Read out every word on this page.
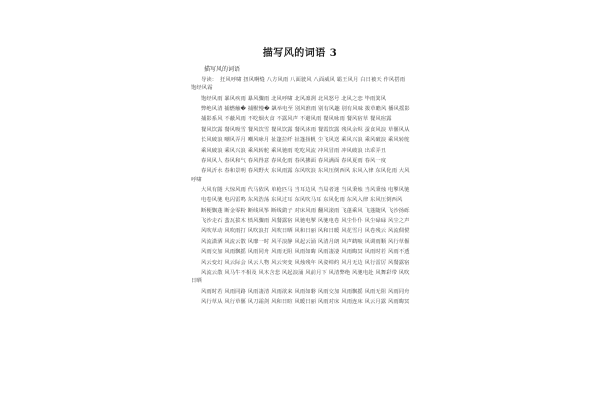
描写风的词语 3
描写风的词语

导读：　狂风呼啸 扭风啊缝 八方风雨 八面驶风 八面威风 霸王风月 白日被天 作风搭雨 饱经风霜

饱经风雨 暴风疾雨 暴风骤雨 北风呼啸 北风凛冽 北风怒号 北风之恋 毕雨箕风

弊绝风清 捕燃触� 捕獸慢� 飙举电至 别风淮雨 别有风趣 别有风味 拨草瞻风 播风摇影

捕影系风 不蔽风雨 不吃烟火食 不露风声 不避风雨 餐风咏雨 餐风宿草 餐风宿露

餐风饮露 餐风吸雪 餐风饮雪 餐风饮露 餐风沐雨 餐霞饮露 残风余烬 蚕食风浪 草偃风从

长风破浪 嘲风弄月 嘲风咏月 扯篷拉纤 扯篷扬帆 尘飞风送 乘风兴浪 乘风破浪 乘风转舵

乘风破浪 乘风兴浪 乘风转舵 乘风驰雨 吃吃风流 冲风冒雨 冲风破浪 出乖弄丑

春风风人 春风和气 春风得意 春风化雨 春风拂面 春风满面 春风夏雨 春风一度

春风沂水 春和景明 春风野火 东风雨露 东风吹浪 东风压倒西风 东风入律 东风化雨 大风呼啸

大风有隧 大惊风雨 代马依风 单枪匹马 当耳边风 当局者迷 当风秉烛 当风秉烛 电掣风驰

电卷风驰 电闪雷鸣 东风浩荡 东风过耳 东风吹马耳 东风化雨 东风入律 东风压倒西风

断梗飘蓬 断金零粉 断线风筝 断线鹞子 对床风雨 翻风滚雨 飞蓬乘风 飞蓬随风 飞沙扬砾

飞沙走石 蜚瓦拔木 愤风骤雨 风餐露宿 风驰电掣 风驰电卷 风尘仆仆 风尘碌碌 风尘之声

风吹草动 风吹雨打 风吹浪打 风吹日晒 风和日丽 风和日暖 风花雪月 风卷残云 风流倜傥

风流潇洒 风流云散 风靡一时 风平浪静 风起云涌 风清月朗 风声鹤唳 风调雨顺 风行草偃

风雨交加 风雨飘摇 风雨同舟 风雨无阻 风雨如晦 风雨凄凄 风雨晦冥 风雨时若 风雨不透

风云变幻 风云际会 风云人物 风云突变 风烛残年 风姿绰约 风月无边 风行雷厉 风餐露宿

风流云散 风马牛不相及 风木含悲 风起浪涌 风前月下 风清弊绝 风驰电赴 风舞彩带 风吹日晒

风雨时若 风雨同路 风雨凄清 风雨欲来 风雨如磐 风雨交加 风雨飘摇 风雨无阻 风雨同舟

风行草从 风行草偃 风刀霜剑 风和日暄 风暖日丽 风雨对床 风雨连床 风云月露 风雨晦冥
